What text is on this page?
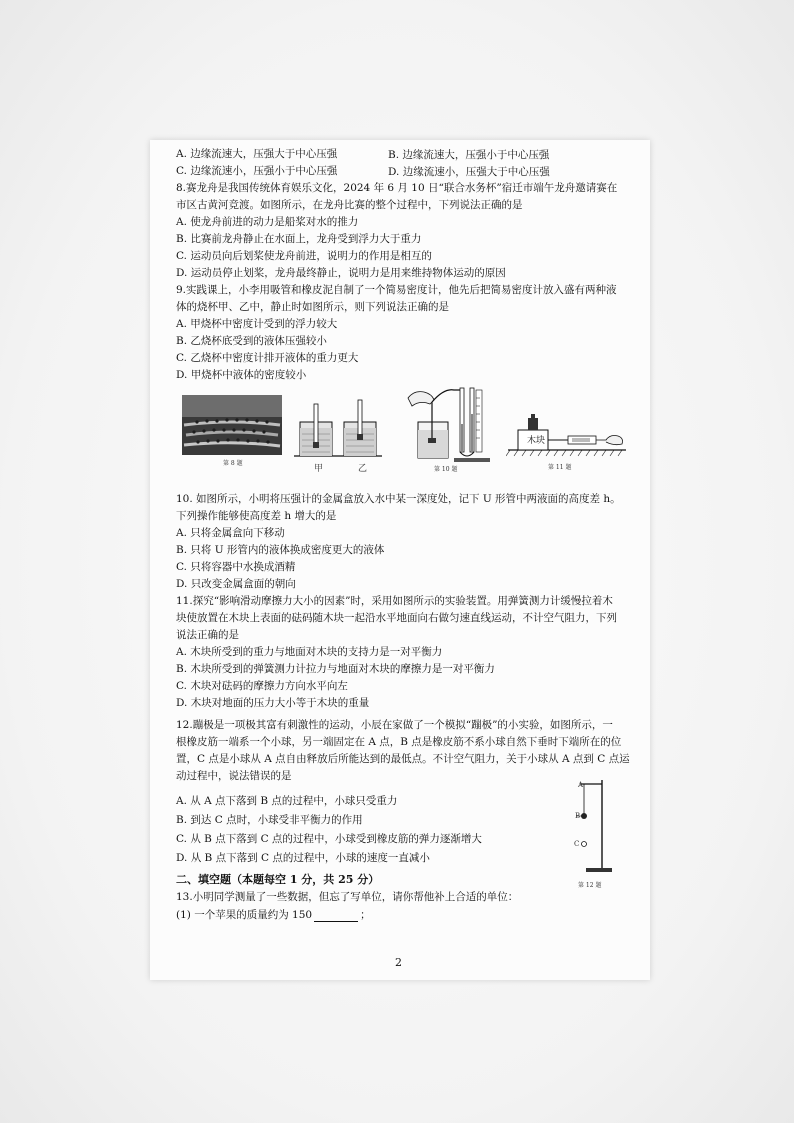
A. 边缘流速大，压强大于中心压强	B. 边缘流速大，压强小于中心压强
C. 边缘流速小，压强小于中心压强	D. 边缘流速小，压强大于中心压强
8.赛龙舟是我国传统体育娱乐文化，2024 年 6 月 10 日“联合水务杯”宿迁市端午龙舟邀请赛在
市区古黄河竞渡。如图所示，在龙舟比赛的整个过程中，下列说法正确的是
A. 使龙舟前进的动力是船桨对水的推力
B. 比赛前龙舟静止在水面上，龙舟受到浮力大于重力
C. 运动员向后划桨使龙舟前进，说明力的作用是相互的
D. 运动员停止划桨，龙舟最终静止，说明力是用来维持物体运动的原因
9.实践课上，小李用吸管和橡皮泥自制了一个简易密度计，他先后把简易密度计放入盛有两种液
体的烧杯甲、乙中，静止时如图所示，则下列说法正确的是
A. 甲烧杯中密度计受到的浮力较大
B. 乙烧杯底受到的液体压强较小
C. 乙烧杯中密度计排开液体的重力更大
D. 甲烧杯中液体的密度较小
第 8 题
甲	乙	第 10 题
木块
第 11 题
10. 如图所示，小明将压强计的金属盒放入水中某一深度处，记下 U 形管中两液面的高度差 h。
下列操作能够使高度差 h 增大的是
A. 只将金属盒向下移动
B. 只将 U 形管内的液体换成密度更大的液体
C. 只将容器中水换成酒精
D. 只改变金属盒面的朝向
11.探究“影响滑动摩擦力大小的因素”时，采用如图所示的实验装置。用弹簧测力计缓慢拉着木
块使放置在木块上表面的砝码随木块一起沿水平地面向右做匀速直线运动，不计空气阻力，下列
说法正确的是
A. 木块所受到的重力与地面对木块的支持力是一对平衡力
B. 木块所受到的弹簧测力计拉力与地面对木块的摩擦力是一对平衡力
C. 木块对砝码的摩擦力方向水平向左
D. 木块对地面的压力大小等于木块的重量
12.蹦极是一项极其富有刺激性的运动，小辰在家做了一个模拟“蹦极”的小实验，如图所示，一
根橡皮筋一端系一个小球，另一端固定在 A 点，B 点是橡皮筋不系小球自然下垂时下端所在的位
置，C 点是小球从 A 点自由释放后所能达到的最低点。不计空气阻力，关于小球从 A 点到 C 点运
动过程中，说法错误的是
A. 从 A 点下落到 B 点的过程中，小球只受重力
B. 到达 C 点时，小球受非平衡力的作用
C. 从 B 点下落到 C 点的过程中，小球受到橡皮筋的弹力逐渐增大
D. 从 B 点下落到 C 点的过程中，小球的速度一直减小
A
B
C
第 12 题
二、填空题（本题每空 1 分，共 25 分）
13.小明同学测量了一些数据，但忘了写单位，请你帮他补上合适的单位：
(1) 一个苹果的质量约为 150	；
2
